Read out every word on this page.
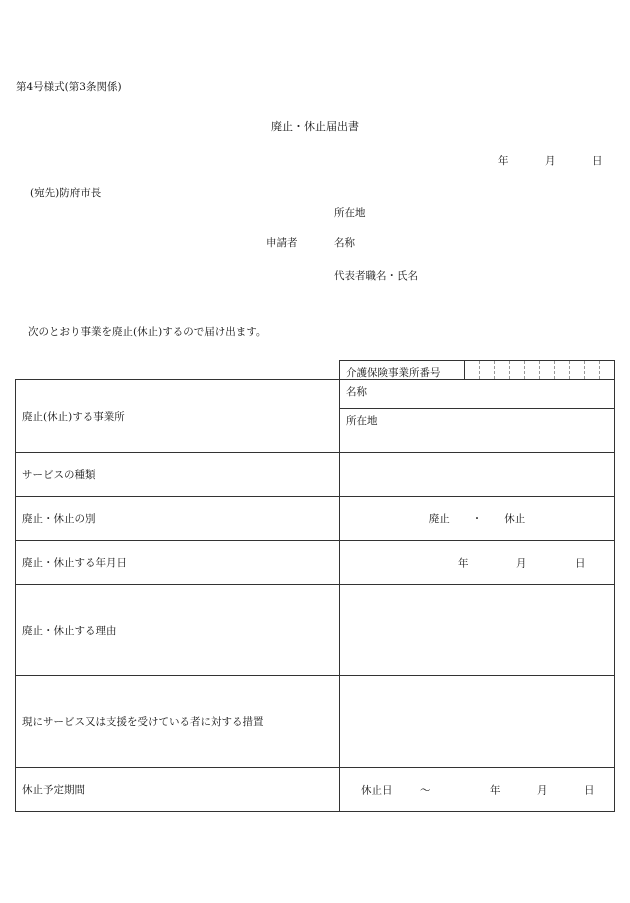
第4号様式(第3条関係)
廃止・休止届出書
年	月	日
(宛先)防府市長
所在地
申請者	名称
代表者職名・氏名
次のとおり事業を廃止(休止)するので届け出ます。
介護保険事業所番号
廃止(休止)する事業所
名称
所在地
サービスの種類
廃止・休止の別	廃止 ・ 休止
廃止・休止する年月日	年	月	日
廃止・休止する理由
現にサービス又は支援を受けている者に対する措置
休止予定期間	休止日	～	年	月	日
